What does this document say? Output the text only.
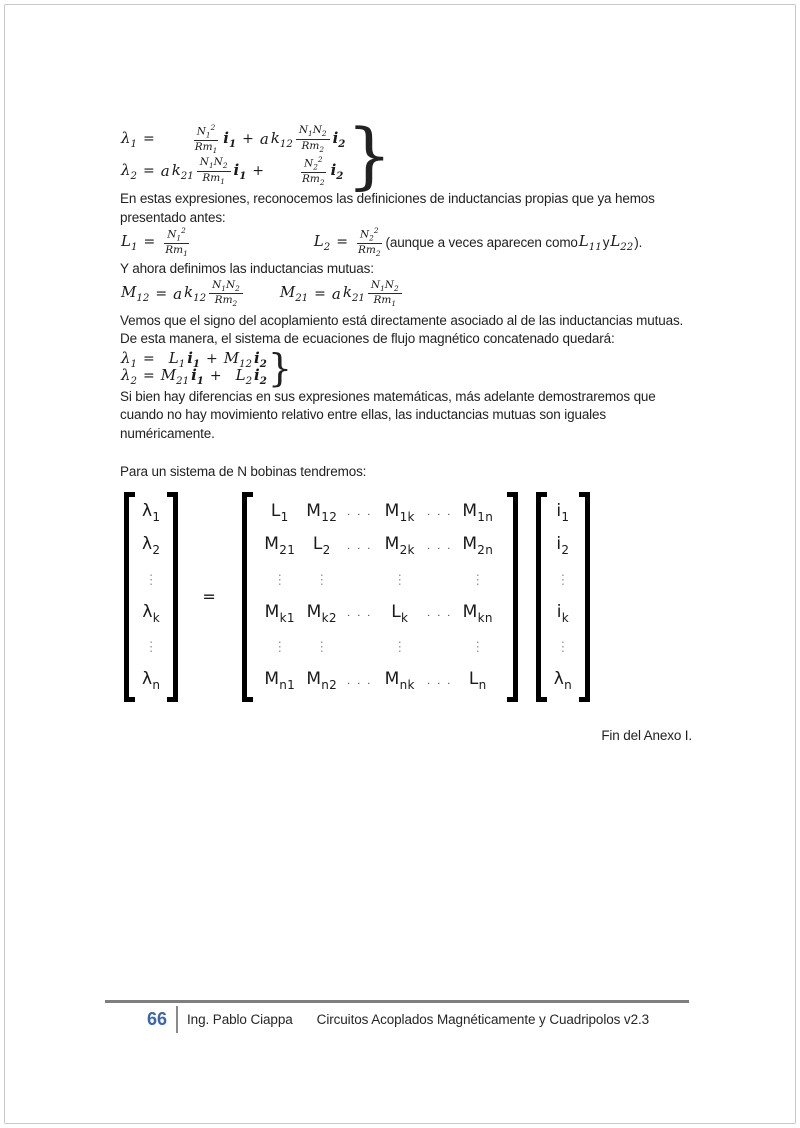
$\lambda_1$ =	$\frac{N_1^2}{Rm_1} i_1 + a$ $k_{12} \frac{N_1N_2}{Rm_2} i_2$
$\lambda_2 = a$ $k_{21} \frac{N_1N_2}{Rm_1} i_1$ +	$\frac{N_2^2}{Rm_2} i_2$ }

En estas expresiones, reconocemos las definiciones de inductancias propias que ya hemos presentado antes:

$L_1 = \frac{N_1^2}{Rm_1}$	$L_2 = \frac{N_2^2}{Rm_2}$ (aunque a veces aparecen como $L_{11}$ y $L_{22}$ ).

Y ahora definimos las inductancias mutuas:

$M_{12} = a$ $k_{12} \frac{N_1N_2}{Rm_2} M_{21} = a$ $k_{21} \frac{N_1N_2}{Rm_1}$

Vemos que el signo del acoplamiento está directamente asociado al de las inductancias mutuas. De esta manera, el sistema de ecuaciones de flujo magnético concatenado quedará:

$\lambda_1 = L_1$ $i_1 + M_{12}$ $i_2$
$\lambda_2 = M_{21}$ $i_1 + L_2$ $i_2$ }

Si bien hay diferencias en sus expresiones matemáticas, más adelante demostraremos que cuando no hay movimiento relativo entre ellas, las inductancias mutuas son iguales numéricamente.

Para un sistema de N bobinas tendremos:

$\lambda_1$
$\lambda_2$
⋮
$\lambda_k$
⋮
$\lambda_n$
=
$L_1$ $M_{12}$ . . . $M_{1k}$ . . . $M_{1n}$
$M_{21}$ $L_2$ . . . $M_{2k}$ . . . $M_{2n}$
⋮ ⋮	⋮	⋮
$M_{k1}$ $M_{k2}$ . . . $L_k$ . . . $M_{kn}$
⋮ ⋮	⋮	⋮
$M_{n1}$ $M_{n2}$ . . . $M_{nk}$ . . . $L_n$
$i_1$
$i_2$
⋮
$i_k$
⋮
$\lambda_n$

Fin del Anexo I.

66 Ing. Pablo Ciappa Circuitos Acoplados Magnéticamente y Cuadripolos v2.3
